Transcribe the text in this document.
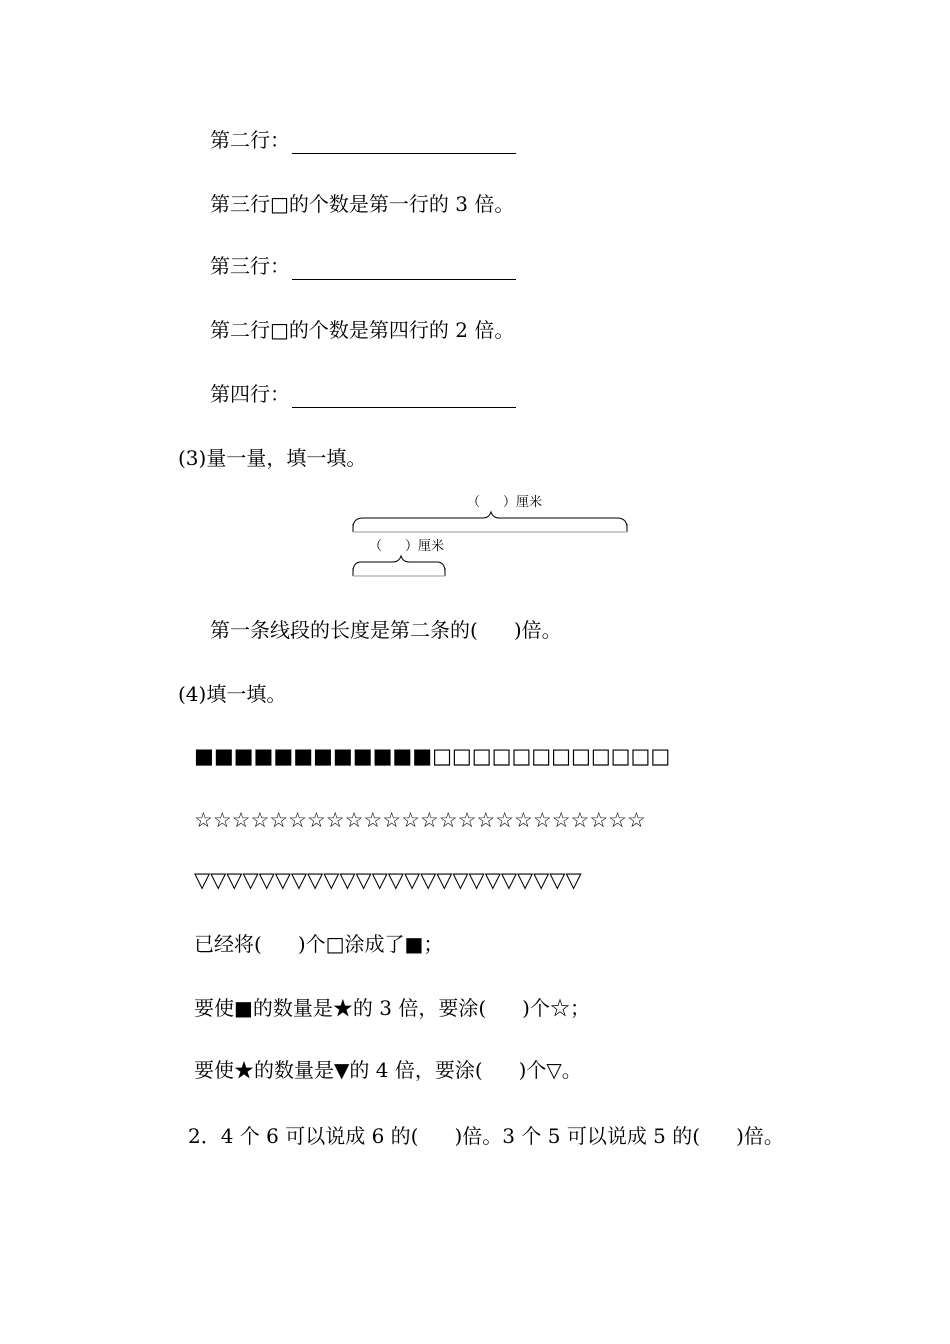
第二行：
第三行□的个数是第一行的 3 倍。
第三行：
第二行□的个数是第四行的 2 倍。
第四行：
(3)量一量，填一填。
（ ）厘米
（ ）厘米
第一条线段的长度是第二条的( )倍。
(4)填一填。
■■■■■■■■■■■■□□□□□□□□□□□□
☆☆☆☆☆☆☆☆☆☆☆☆☆☆☆☆☆☆☆☆☆☆☆☆
▽▽▽▽▽▽▽▽▽▽▽▽▽▽▽▽▽▽▽▽▽▽▽▽
已经将( )个□涂成了■；
要使■的数量是★的 3 倍，要涂( )个☆；
要使★的数量是▼的 4 倍，要涂( )个▽。
2．4 个 6 可以说成 6 的( )倍。3 个 5 可以说成 5 的( )倍。
